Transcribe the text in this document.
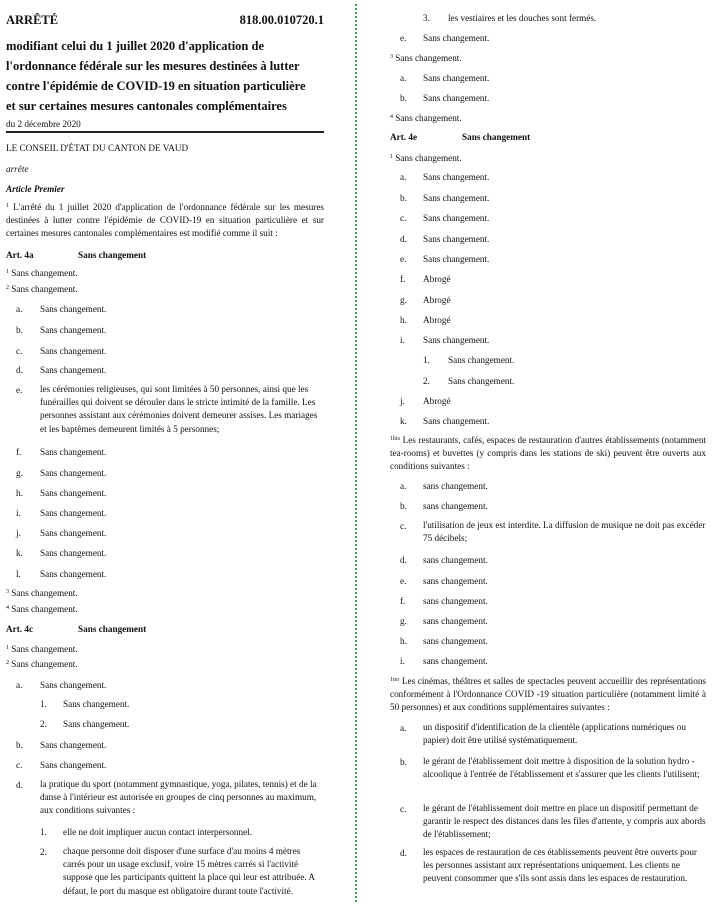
ARRÊTÉ	818.00.010720.1
modifiant celui du 1 juillet 2020 d'application de
l'ordonnance fédérale sur les mesures destinées à lutter
contre l'épidémie de COVID-19 en situation particulière
et sur certaines mesures cantonales complémentaires
du 2 décembre 2020
LE CONSEIL D'ÉTAT DU CANTON DE VAUD
arrête
Article Premier
$^1$ L'arrêté du 1 juillet 2020 d'application de l'ordonnance fédérale sur les mesures destinées à lutter contre l'épidémie de COVID-19 en situation particulière et sur certaines mesures cantonales complémentaires est modifié comme il suit :
Art. 4a	Sans changement
$^1$ Sans changement.
$^2$ Sans changement.
a. Sans changement.
b. Sans changement.
c. Sans changement.
d. Sans changement.
e. les cérémonies religieuses, qui sont limitées à 50 personnes, ainsi que les funérailles qui doivent se dérouler dans le stricte intimité de la famille. Les personnes assistant aux cérémonies doivent demeurer assises. Les mariages et les baptêmes demeurent limités à 5 personnes;
f. Sans changement.
g. Sans changement.
h. Sans changement.
i. Sans changement.
j. Sans changement.
k. Sans changement.
l. Sans changement.
$^3$ Sans changement.
$^4$ Sans changement.
Art. 4c	Sans changement
$^1$ Sans changement.
$^2$ Sans changement.
a. Sans changement.
1. Sans changement.
2. Sans changement.
b. Sans changement.
c. Sans changement.
d. la pratique du sport (notamment gymnastique, yoga, pilates, tennis) et de la danse à l'intérieur est autorisée en groupes de cinq personnes au maximum, aux conditions suivantes :
1. elle ne doit impliquer aucun contact interpersonnel.
2. chaque personne doit disposer d'une surface d'au moins 4 mètres carrés pour un usage exclusif, voire 15 mètres carrés si l'activité suppose que les participants quittent la place qui leur est attribuée. A défaut, le port du masque est obligatoire durant toute l'activité.
3. les vestiaires et les douches sont fermés.
e. Sans changement.
$^3$ Sans changement.
a. Sans changement.
b. Sans changement.
$^4$ Sans changement.
Art. 4e	Sans changement
$^1$ Sans changement.
a. Sans changement.
b. Sans changement.
c. Sans changement.
d. Sans changement.
e. Sans changement.
f. Abrogé
g. Abrogé
h. Abrogé
i. Sans changement.
1. Sans changement.
2. Sans changement.
j. Abrogé
k. Sans changement.
$^{1bis}$ Les restaurants, cafés, espaces de restauration d'autres établissements (notamment tea-rooms) et buvettes (y compris dans les stations de ski) peuvent être ouverts aux conditions suivantes :
a. sans changement.
b. sans changement.
c. l'utilisation de jeux est interdite. La diffusion de musique ne doit pas excéder 75 décibels;
d. sans changement.
e. sans changement.
f. sans changement.
g. sans changement.
h. sans changement.
i. sans changement.
$^{1ter}$ Les cinémas, théâtres et salles de spectacles peuvent accueillir des représentations conformément à l'Ordonnance COVID -19 situation particulière (notamment limité à 50 personnes) et aux conditions supplémentaires suivantes :
a. un dispositif d'identification de la clientèle (applications numériques ou papier) doit être utilisé systématiquement.
b. le gérant de l'établissement doit mettre à disposition de la solution hydro - alcoolique à l'entrée de l'établissement et s'assurer que les clients l'utilisent;
c. le gérant de l'établissement doit mettre en place un dispositif permettant de garantir le respect des distances dans les files d'attente, y compris aux abords de l'établissement;
d. les espaces de restauration de ces établissements peuvent être ouverts pour les personnes assistant aux représentations uniquement. Les clients ne peuvent consommer que s'ils sont assis dans les espaces de restauration.
